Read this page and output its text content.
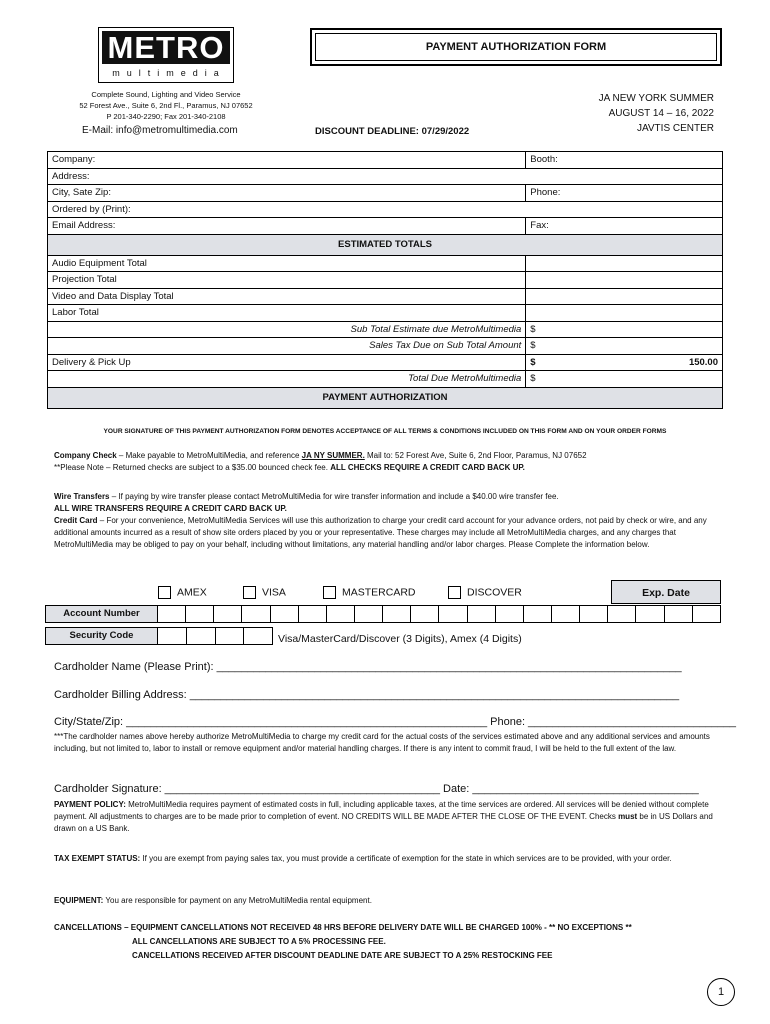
METRO
multimedia
Complete Sound, Lighting and Video Service
52 Forest Ave., Suite 6, 2nd Fl., Paramus, NJ 07652
P 201-340-2290; Fax 201-340-2108
E-Mail: info@metromultimedia.com
PAYMENT AUTHORIZATION FORM
JA NEW YORK SUMMER
AUGUST 14 – 16, 2022
JAVTIS CENTER
DISCOUNT DEADLINE: 07/29/2022
Company:	Booth:
Address:	
City, Sate Zip:	Phone:
Ordered by (Print):	
Email Address:	Fax:
ESTIMATED TOTALS	
Audio Equipment Total	
Projection Total	
Video and Data Display Total	
Labor Total	
Sub Total Estimate due MetroMultimedia	$
Sales Tax Due on Sub Total Amount	$
Delivery & Pick Up	$ 150.00

Total Due MetroMultimedia	$
PAYMENT AUTHORIZATION	
YOUR SIGNATURE OF THIS PAYMENT AUTHORIZATION FORM DENOTES ACCEPTANCE OF ALL TERMS & CONDITIONS INCLUDED ON THIS FORM AND ON YOUR ORDER FORMS
Company Check – Make payable to MetroMultiMedia, and reference JA NY SUMMER. Mail to: 52 Forest Ave, Suite 6, 2nd Floor, Paramus, NJ 07652
**Please Note – Returned checks are subject to a $35.00 bounced check fee. ALL CHECKS REQUIRE A CREDIT CARD BACK UP.
Wire Transfers – If paying by wire transfer please contact MetroMultiMedia for wire transfer information and include a $40.00 wire transfer fee.
ALL WIRE TRANSFERS REQUIRE A CREDIT CARD BACK UP.
Credit Card – For your convenience, MetroMultiMedia Services will use this authorization to charge your credit card account for your advance orders, not paid by check or wire, and any additional amounts incurred as a result of show site orders placed by you or your representative. These charges may include all MetroMultiMedia charges, and any charges that MetroMultiMedia may be obliged to pay on your behalf, including without limitations, any material handling and/or labor charges. Please Complete the information below.
AMEX	VISA	MASTERCARD	DISCOVER	Exp. Date
Account Number																				
Security Code					Visa/MasterCard/Discover (3 Digits), Amex (4 Digits)
Cardholder Name (Please Print): ____________________________________________________________________________
Cardholder Billing Address: ________________________________________________________________________________
City/State/Zip: ___________________________________________________________ Phone: __________________________________
***The cardholder names above hereby authorize MetroMultiMedia to charge my credit card for the actual costs of the services estimated above and any additional services and amounts including, but not limited to, labor to install or remove equipment and/or material handling charges. If there is any intent to commit fraud, I will be held to the full extent of the law.
Cardholder Signature: _____________________________________________ Date: _____________________________________
PAYMENT POLICY: MetroMultiMedia requires payment of estimated costs in full, including applicable taxes, at the time services are ordered. All services will be denied without complete payment. All adjustments to charges are to be made prior to completion of event. NO CREDITS WILL BE MADE AFTER THE CLOSE OF THE EVENT. Checks must be in US Dollars and drawn on a US Bank.
TAX EXEMPT STATUS: If you are exempt from paying sales tax, you must provide a certificate of exemption for the state in which services are to be provided, with your order.
EQUIPMENT: You are responsible for payment on any MetroMultiMedia rental equipment.
CANCELLATIONS – EQUIPMENT CANCELLATIONS NOT RECEIVED 48 HRS BEFORE DELIVERY DATE WILL BE CHARGED 100% - ** NO EXCEPTIONS **
ALL CANCELLATIONS ARE SUBJECT TO A 5% PROCESSING FEE.
CANCELLATIONS RECEIVED AFTER DISCOUNT DEADLINE DATE ARE SUBJECT TO A 25% RESTOCKING FEE
1
